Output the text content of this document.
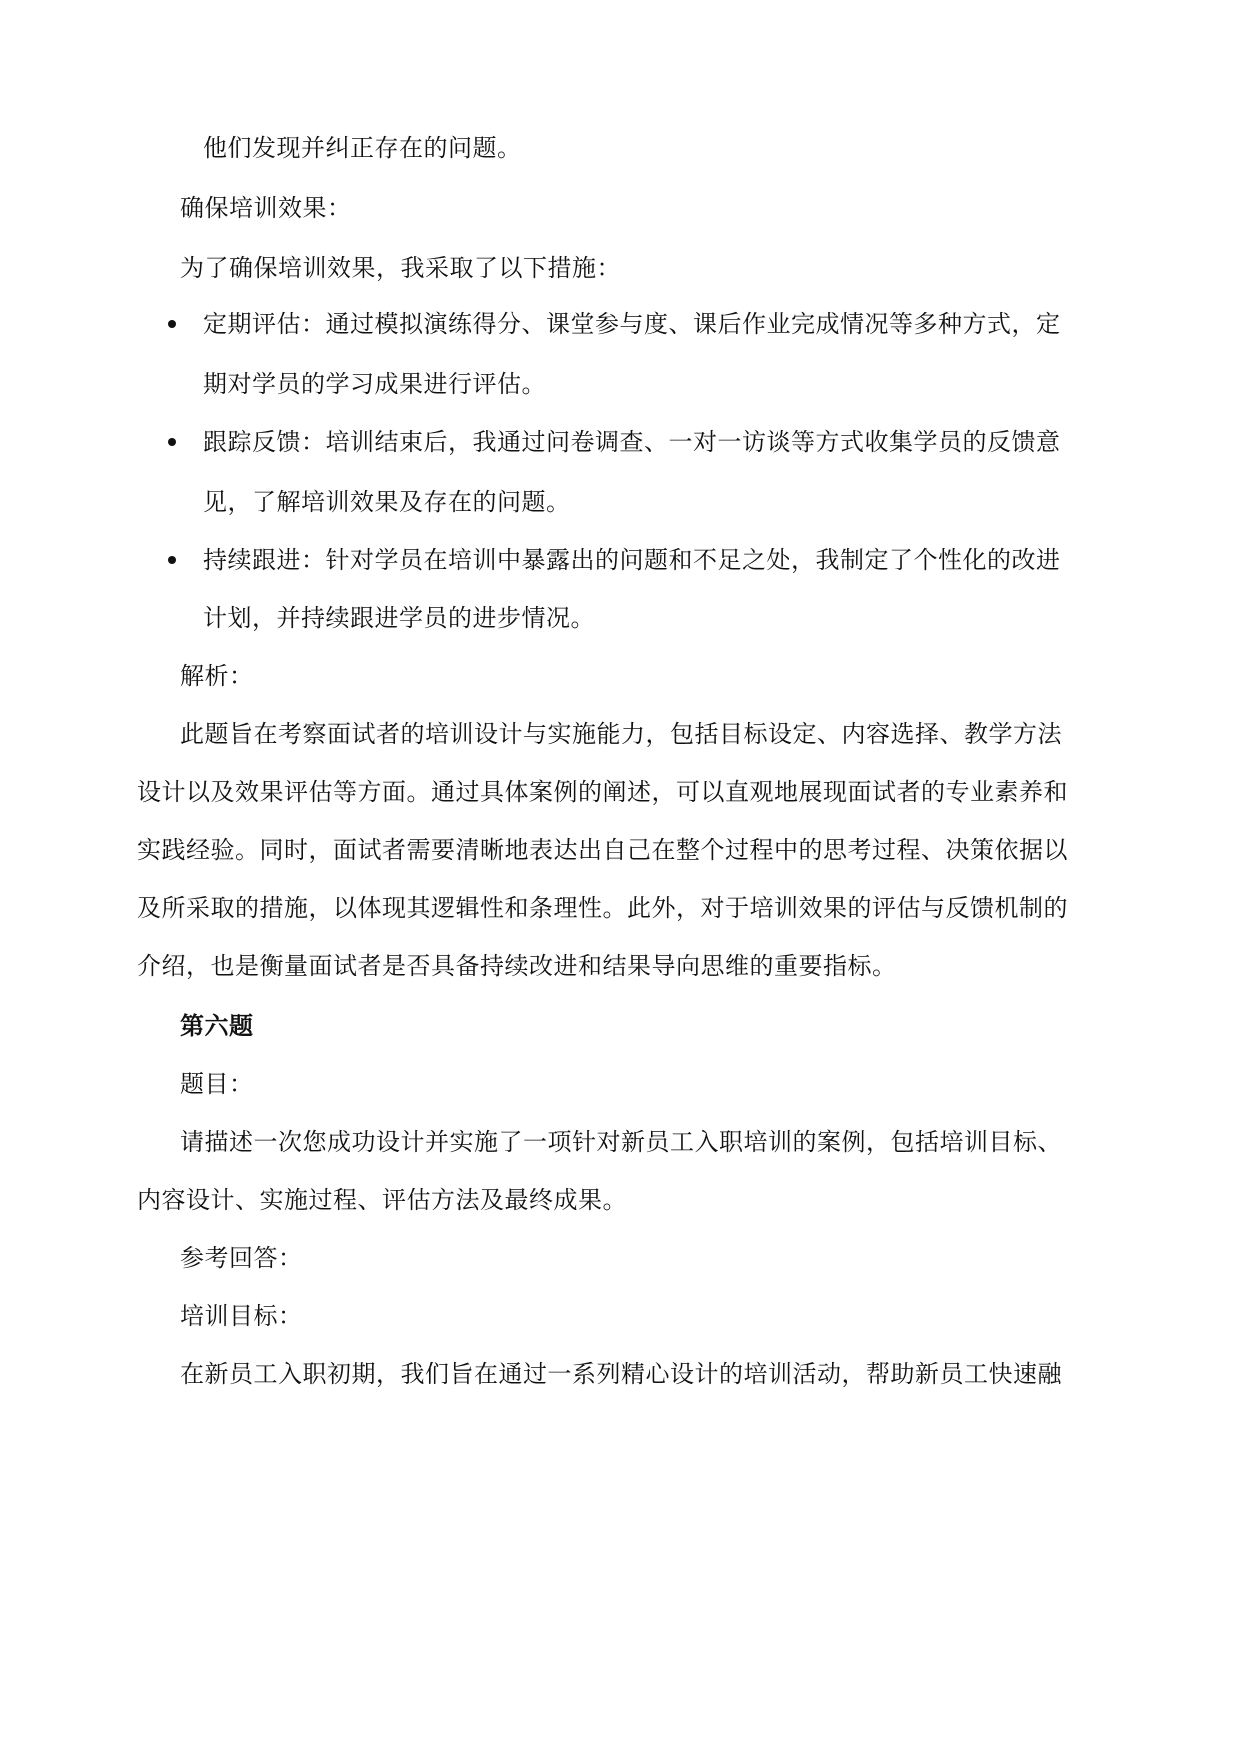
他们发现并纠正存在的问题。
确保培训效果：
为了确保培训效果，我采取了以下措施：
定期评估：通过模拟演练得分、课堂参与度、课后作业完成情况等多种方式，定
期对学员的学习成果进行评估。
跟踪反馈：培训结束后，我通过问卷调查、一对一访谈等方式收集学员的反馈意
见，了解培训效果及存在的问题。
持续跟进：针对学员在培训中暴露出的问题和不足之处，我制定了个性化的改进
计划，并持续跟进学员的进步情况。
解析：
此题旨在考察面试者的培训设计与实施能力，包括目标设定、内容选择、教学方法
设计以及效果评估等方面。通过具体案例的阐述，可以直观地展现面试者的专业素养和
实践经验。同时，面试者需要清晰地表达出自己在整个过程中的思考过程、决策依据以
及所采取的措施，以体现其逻辑性和条理性。此外，对于培训效果的评估与反馈机制的
介绍，也是衡量面试者是否具备持续改进和结果导向思维的重要指标。
第六题
题目：
请描述一次您成功设计并实施了一项针对新员工入职培训的案例，包括培训目标、
内容设计、实施过程、评估方法及最终成果。
参考回答：
培训目标：
在新员工入职初期，我们旨在通过一系列精心设计的培训活动，帮助新员工快速融
